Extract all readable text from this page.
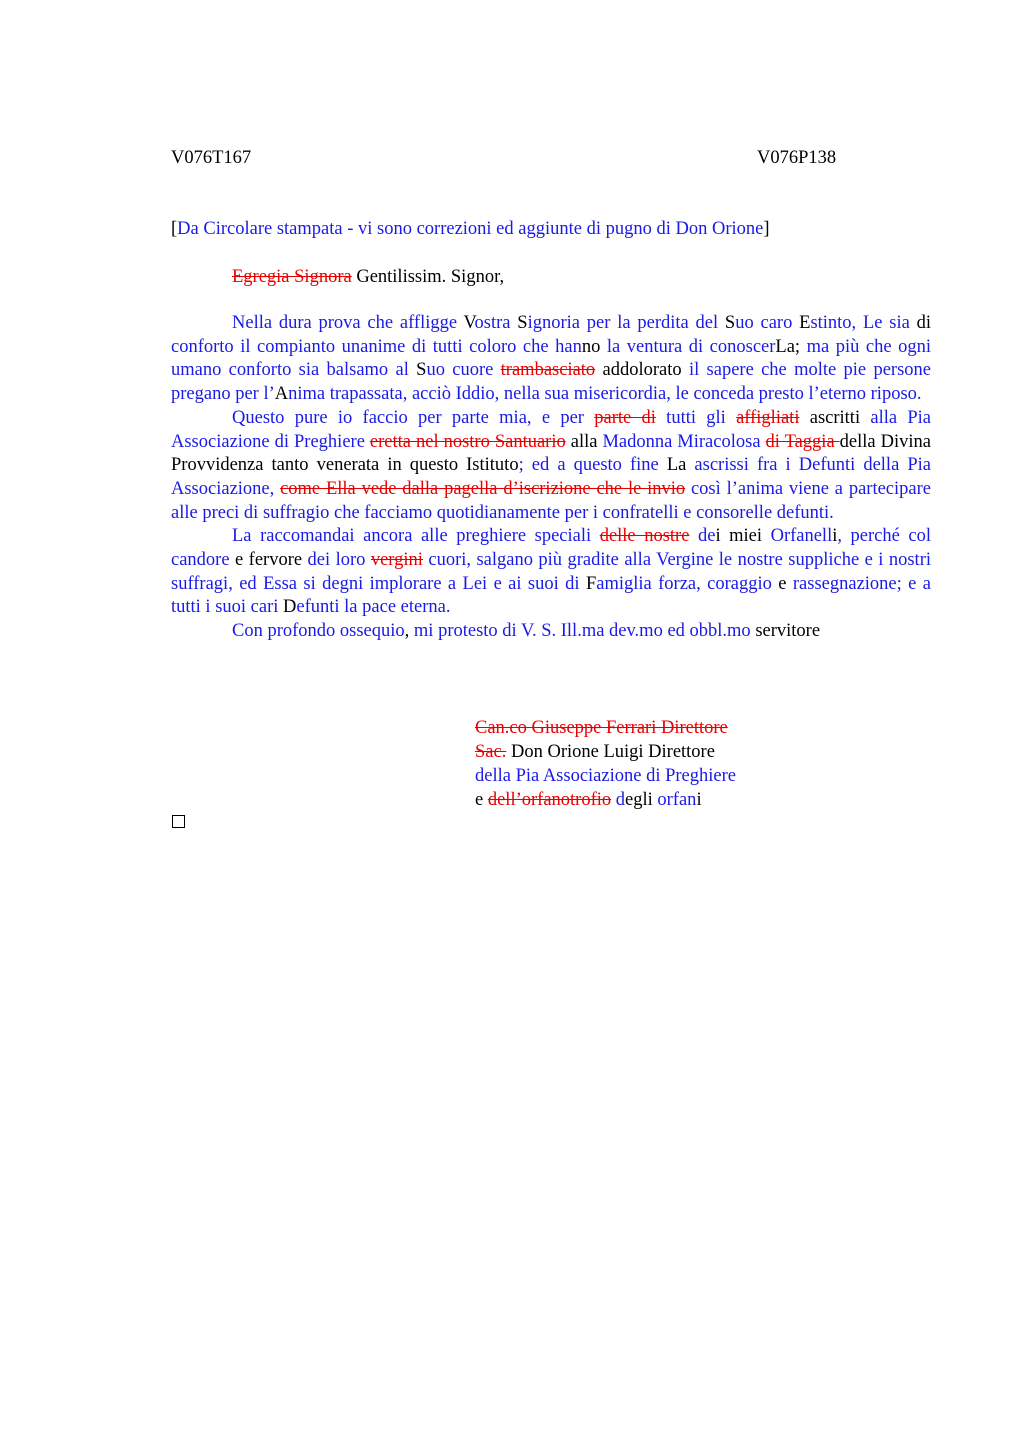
V076T167	V076P138
[Da Circolare stampata - vi sono correzioni ed aggiunte di pugno di Don Orione]
Egregia Signora Gentilissim. Signor,

Nella dura prova che affligge Vostra Signoria per la perdita del Suo caro Estinto, Le sia di conforto il compianto unanime di tutti coloro che hanno la ventura di conoscerLa; ma più che ogni umano conforto sia balsamo al Suo cuore trambasciato addolorato il sapere che molte pie persone pregano per l’Anima trapassata, acciò Iddio, nella sua misericordia, le conceda presto l’eterno riposo.

Questo pure io faccio per parte mia, e per parte di tutti gli affigliati ascritti alla Pia Associazione di Preghiere eretta nel nostro Santuario alla Madonna Miracolosa di Taggia della Divina Provvidenza tanto venerata in questo Istituto; ed a questo fine La ascrissi fra i Defunti della Pia Associazione, come Ella vede dalla pagella d’iscrizione che le invio così l’anima viene a partecipare alle preci di suffragio che facciamo quotidianamente per i confratelli e consorelle defunti.

La raccomandai ancora alle preghiere speciali delle nostre dei miei Orfanelli, perché col candore e fervore dei loro vergini cuori, salgano più gradite alla Vergine le nostre suppliche e i nostri suffragi, ed Essa si degni implorare a Lei e ai suoi di Famiglia forza, coraggio e rassegnazione; e a tutti i suoi cari Defunti la pace eterna.

Con profondo ossequio, mi protesto di V. S. Ill.ma dev.mo ed obbl.mo servitore

Can.co Giuseppe Ferrari Direttore
Sac. Don Orione Luigi Direttore
della Pia Associazione di Preghiere
e dell’orfanotrofio degli orfani
